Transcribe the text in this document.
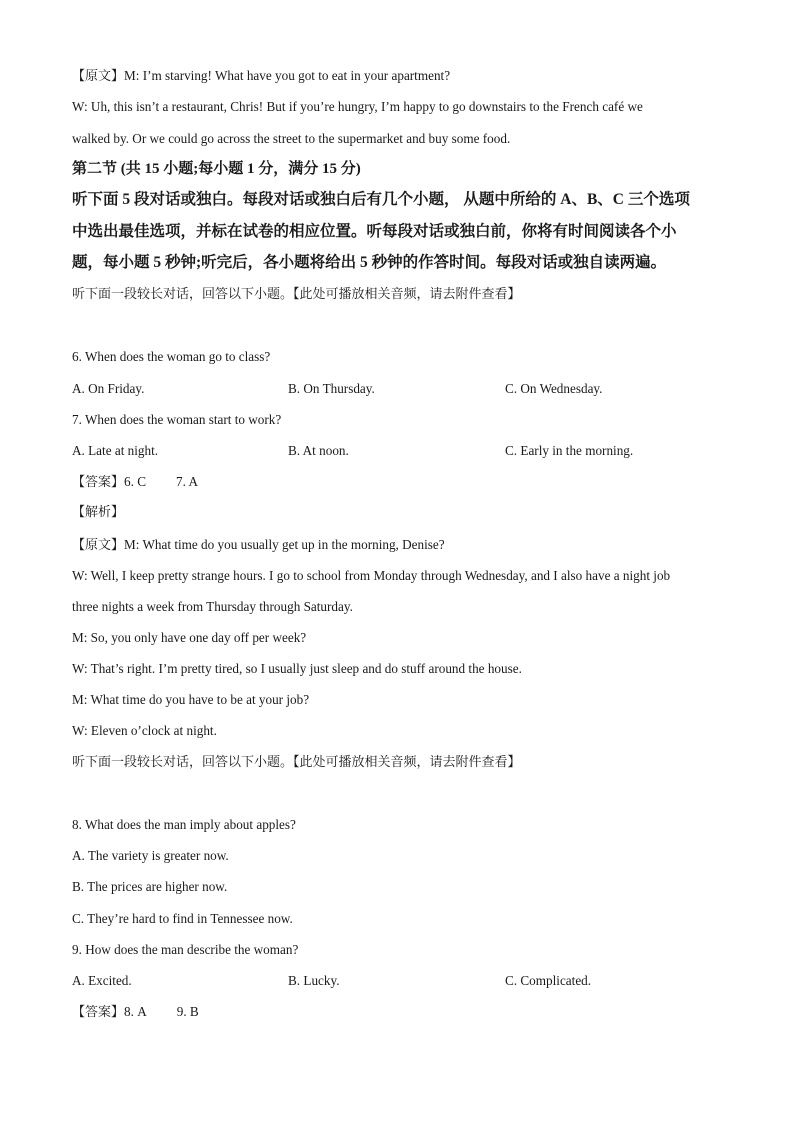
【原文】M: I’m starving! What have you got to eat in your apartment?
W: Uh, this isn’t a restaurant, Chris! But if you’re hungry, I’m happy to go downstairs to the French café we
walked by. Or we could go across the street to the supermarket and buy some food.
第二节 (共 15 小题;每小题 1 分，满分 15 分)
听下面 5 段对话或独白。每段对话或独白后有几个小题， 从题中所给的 A、B、C 三个选项
中选出最佳选项，并标在试卷的相应位置。听每段对话或独白前，你将有时间阅读各个小
题，每小题 5 秒钟;听完后，各小题将给出 5 秒钟的作答时间。每段对话或独自读两遍。
听下面一段较长对话，回答以下小题。【此处可播放相关音频，请去附件查看】
6. When does the woman go to class?
A. On Friday.	B. On Thursday.	C. On Wednesday.
7. When does the woman start to work?
A. Late at night.	B. At noon.	C. Early in the morning.
【答案】6. C 7. A
【解析】
【原文】M: What time do you usually get up in the morning, Denise?
W: Well, I keep pretty strange hours. I go to school from Monday through Wednesday, and I also have a night job
three nights a week from Thursday through Saturday.
M: So, you only have one day off per week?
W: That’s right. I’m pretty tired, so I usually just sleep and do stuff around the house.
M: What time do you have to be at your job?
W: Eleven o’clock at night.
听下面一段较长对话，回答以下小题。【此处可播放相关音频，请去附件查看】
8. What does the man imply about apples?
A. The variety is greater now.
B. The prices are higher now.
C. They’re hard to find in Tennessee now.
9. How does the man describe the woman?
A. Excited.	B. Lucky.	C. Complicated.
【答案】8. A 9. B
